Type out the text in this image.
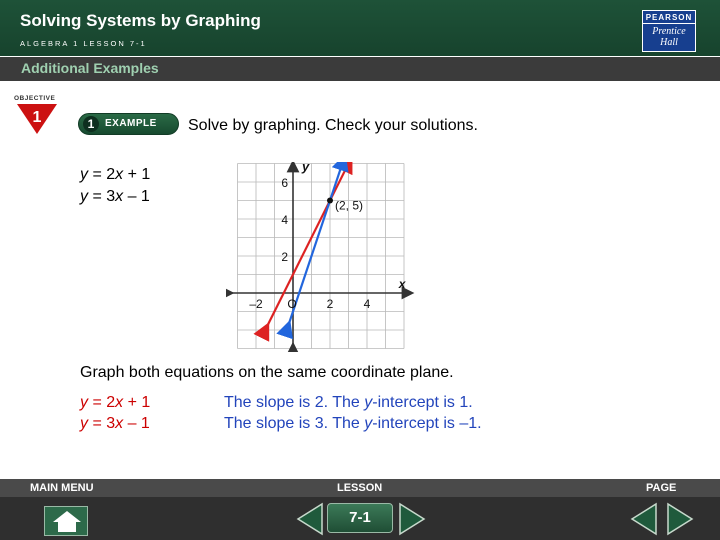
Solving Systems by Graphing
ALGEBRA 1 LESSON 7-1
PEARSON
Prentice
Hall
Additional Examples
OBJECTIVE
1	1	EXAMPLE Solve by graphing. Check your solutions.
y = 2x + 1
y = 3x – 1
–2 O 2	4
2
4
6
x
y
(2, 5)
Graph both equations on the same coordinate plane.
y = 2x + 1	The slope is 2. The y-intercept is 1.
y = 3x – 1	The slope is 3. The y-intercept is –1.
MAIN MENU	LESSON	PAGE
7-1
